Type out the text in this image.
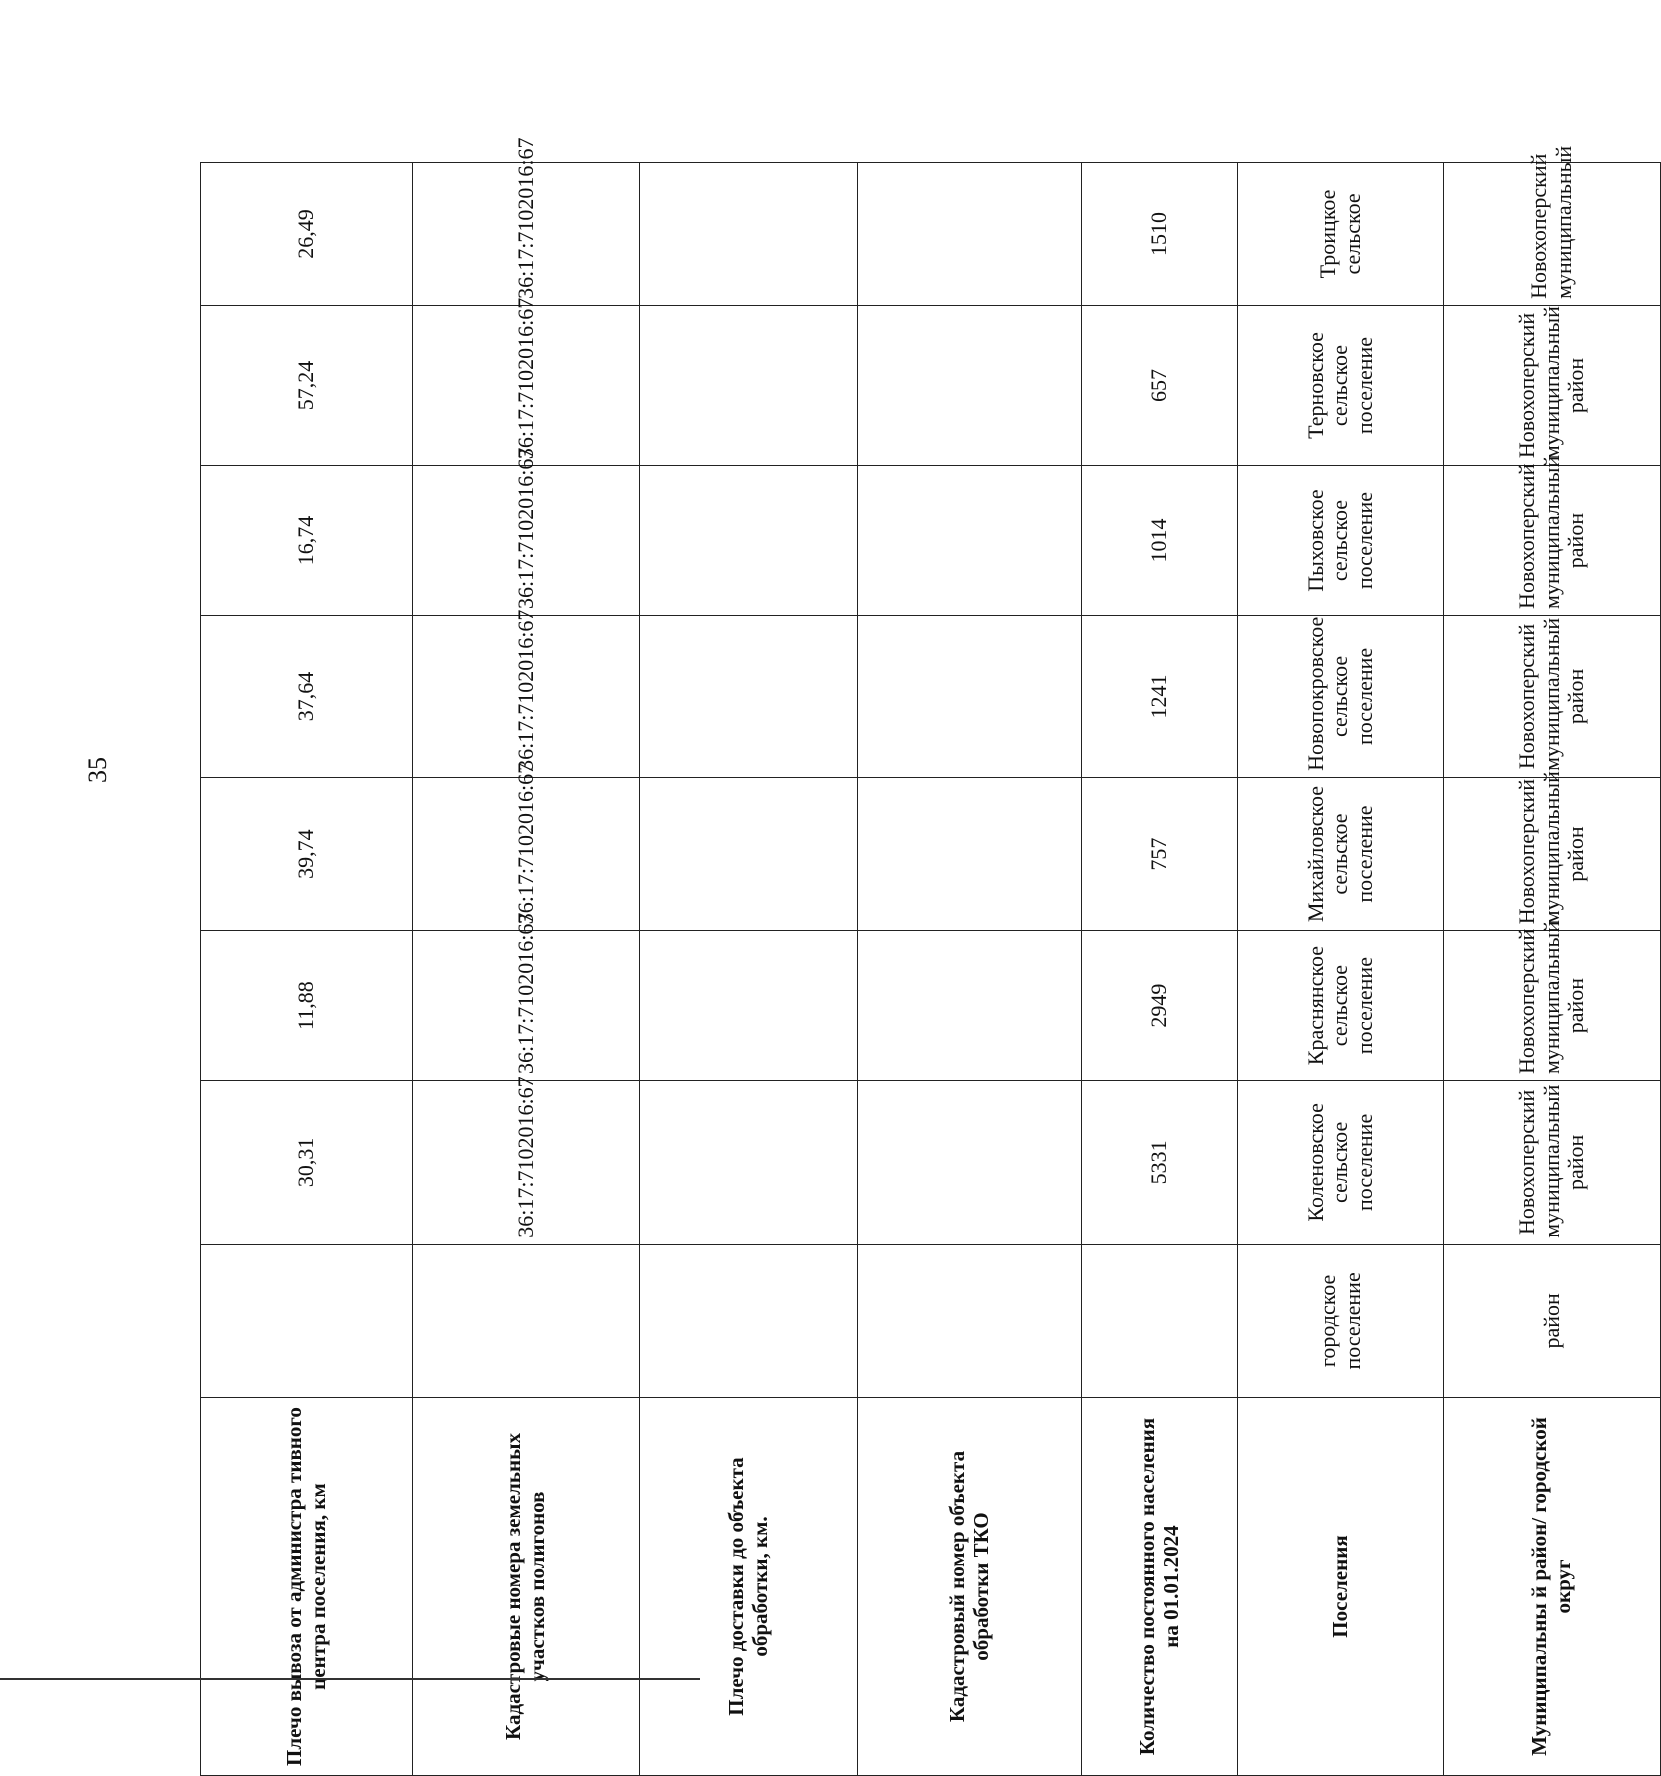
35
Плечо вывоза от администра тивного центра поселения, км		30,31	11,88	39,74	37,64	16,74	57,24	26,49
Кадастровые номера земельных участков полигонов		36:17:7102016:67	36:17:7102016:67	36:17:7102016:67	36:17:7102016:67	36:17:7102016:67	36:17:7102016:67	36:17:7102016:67
Плечо доставки до объекта обработки, км.								
Кадастровый номер объекта обработки ТКО								
Количество постоянного населения на 01.01.2024		5331	2949	757	1241	1014	657	1510
Поселения	городское поселение	Коленовское сельское поселение	Краснянское сельское поселение	Михайловское сельское поселение	Новопокровское сельское поселение	Пыховское сельское поселение	Терновское сельское поселение	Троицкое сельское
Муниципальны й район/ городской округ	район	Новохоперский муниципальный район	Новохоперский муниципальный район	Новохоперский муниципальный район	Новохоперский муниципальный район	Новохоперский муниципальный район	Новохоперский муниципальный район	Новохоперский муниципальный
